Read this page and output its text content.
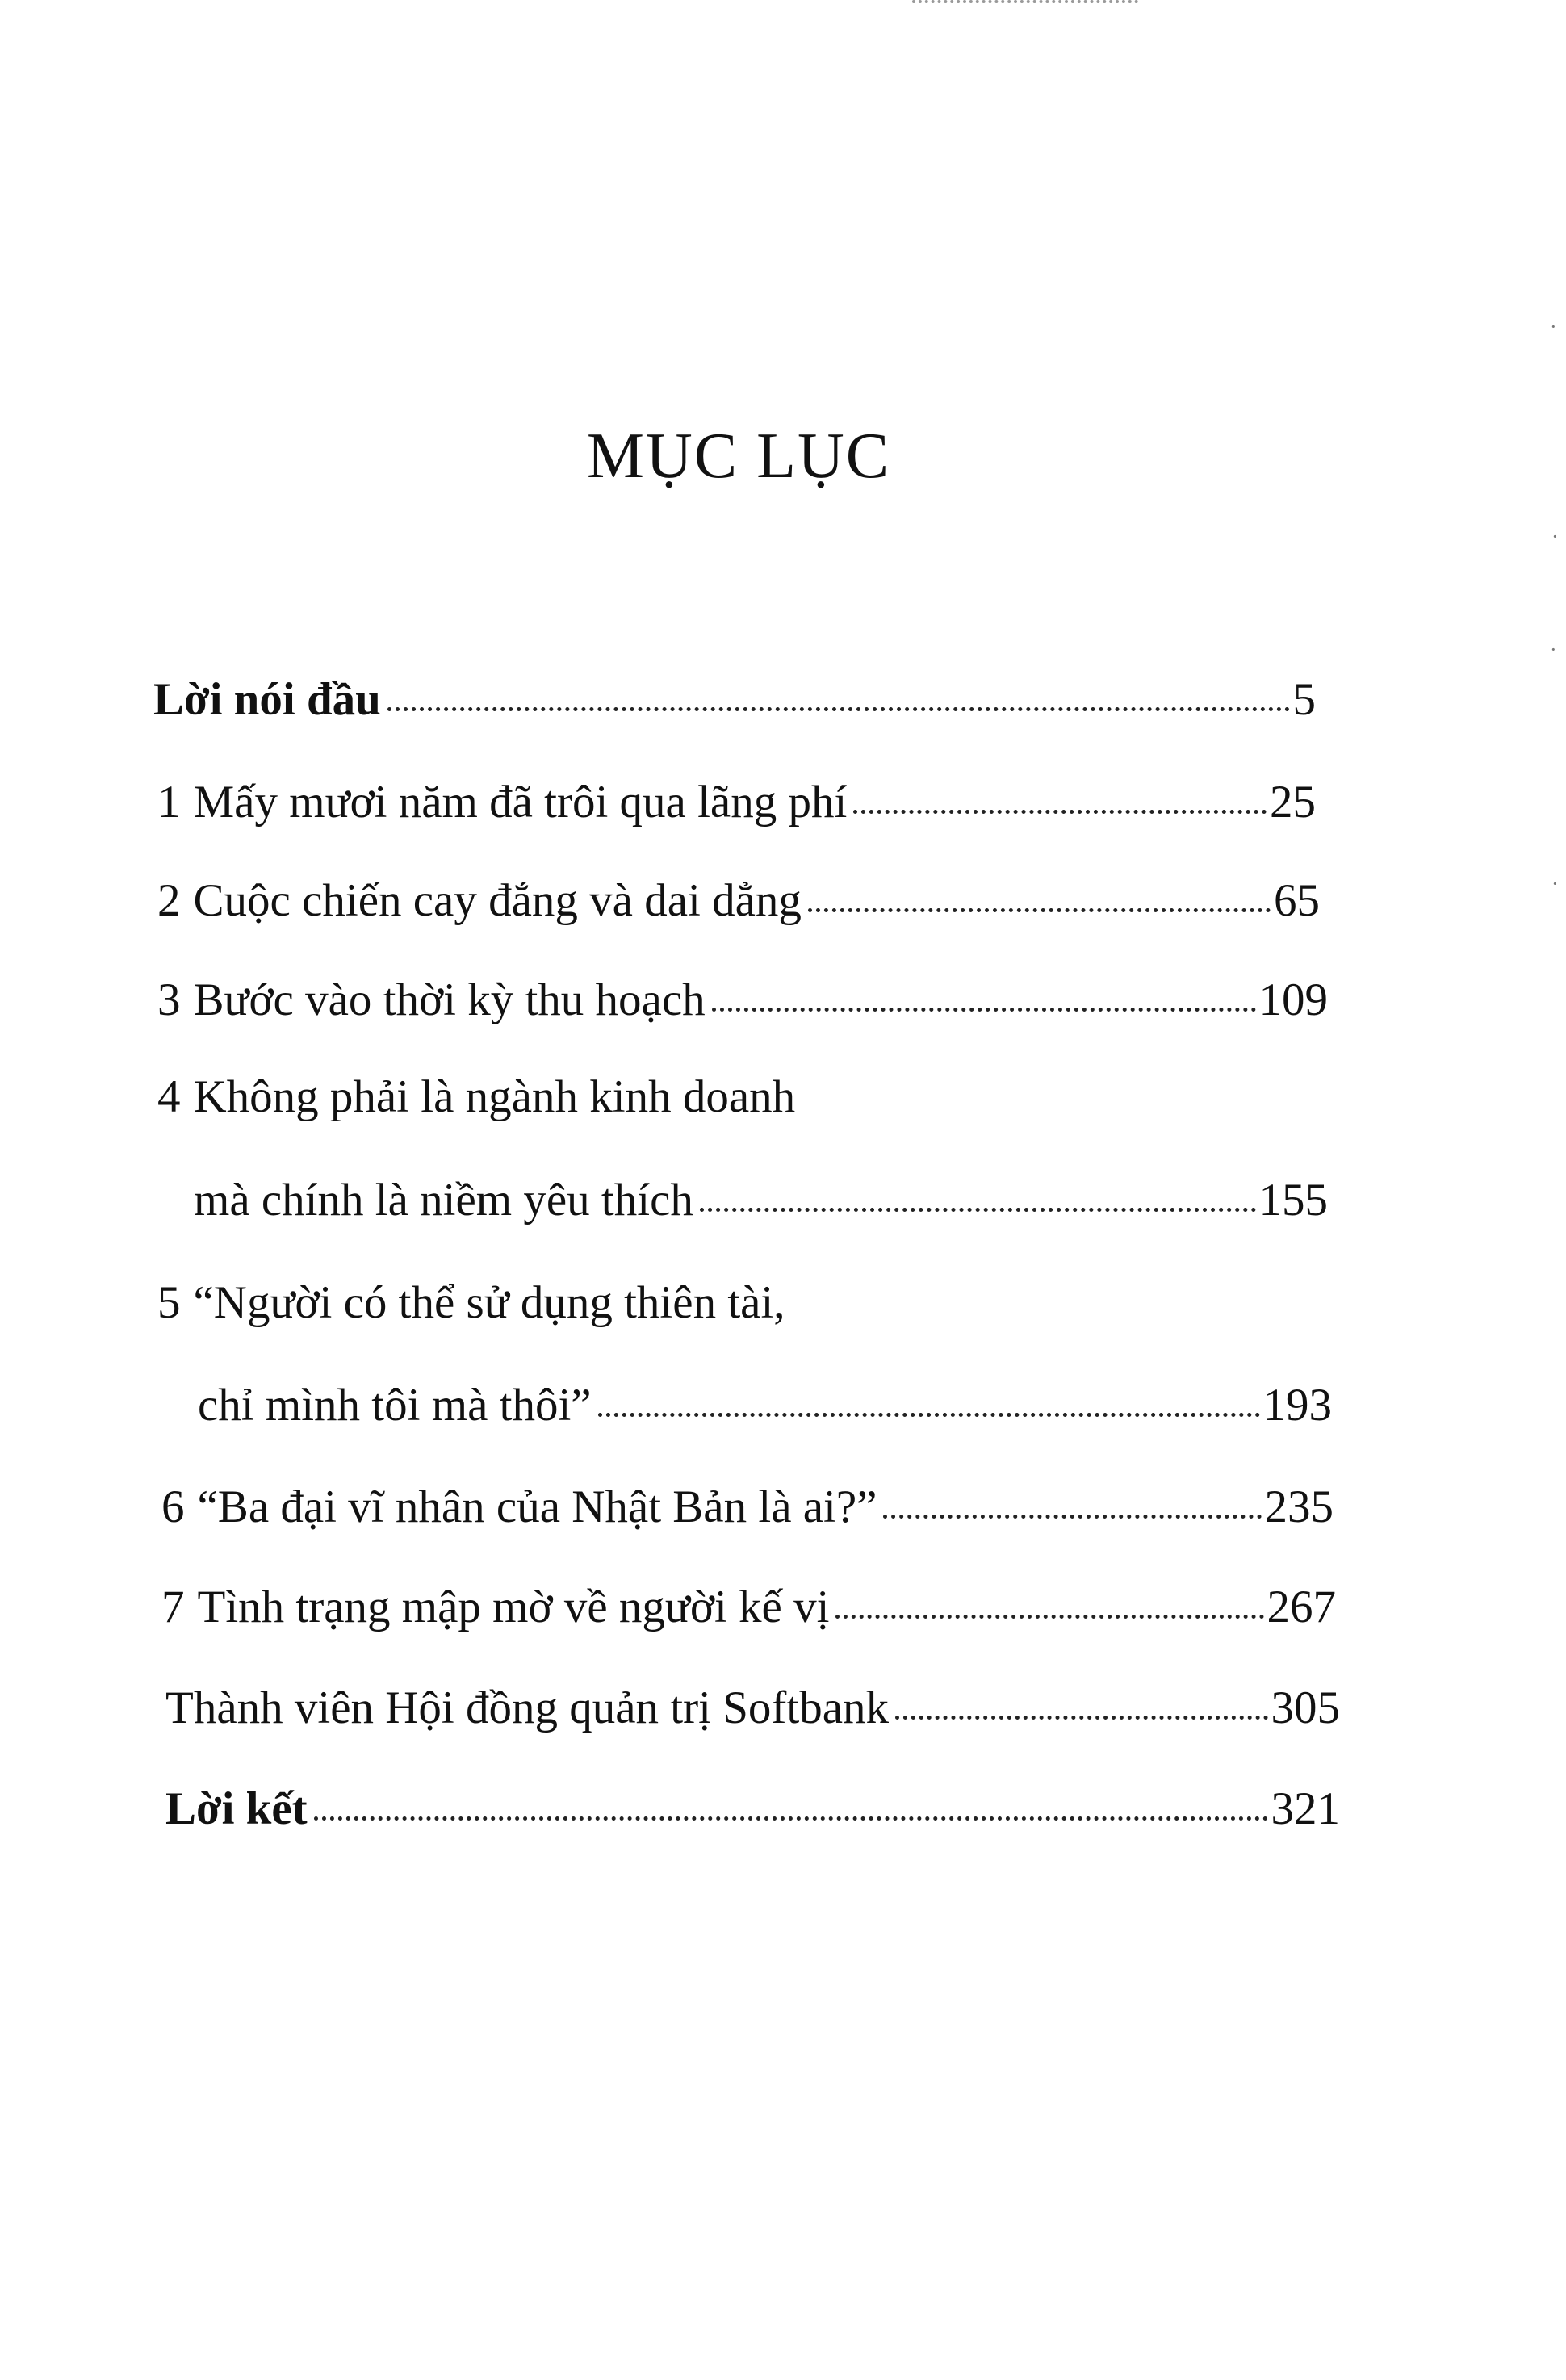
MỤC LỤC
Lời nói đầu	5
1 Mấy mươi năm đã trôi qua lãng phí	25
2 Cuộc chiến cay đắng và dai dẳng	65
3 Bước vào thời kỳ thu hoạch	109
4 Không phải là ngành kinh doanh
mà chính là niềm yêu thích	155
5 “Người có thể sử dụng thiên tài,
chỉ mình tôi mà thôi”	193
6 “Ba đại vĩ nhân của Nhật Bản là ai?”	235
7 Tình trạng mập mờ về người kế vị	267
Thành viên Hội đồng quản trị Softbank	305
Lời kết	321
·
·
·
·
